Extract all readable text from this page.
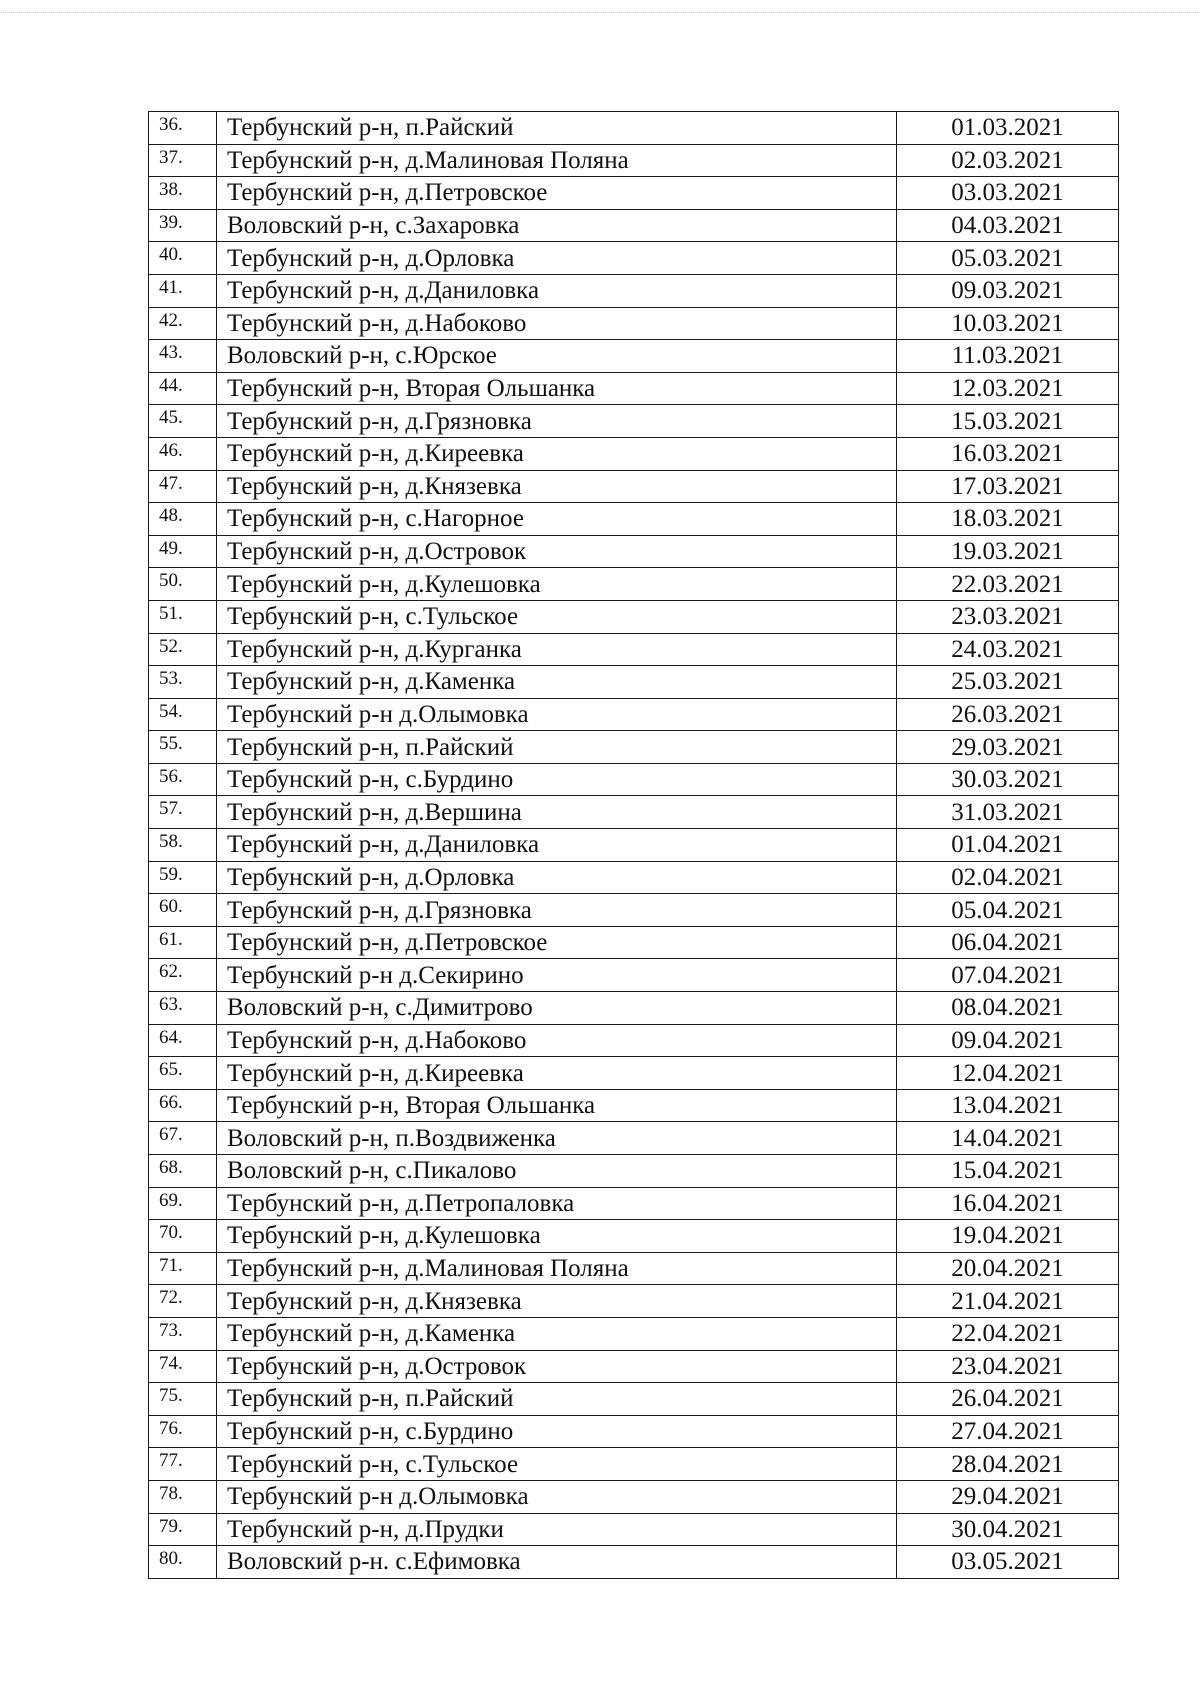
36.	Тербунский р-н, п.Райский	01.03.2021
37.	Тербунский р-н, д.Малиновая Поляна	02.03.2021
38.	Тербунский р-н, д.Петровское	03.03.2021
39.	Воловский р-н, с.Захаровка	04.03.2021
40.	Тербунский р-н, д.Орловка	05.03.2021
41.	Тербунский р-н, д.Даниловка	09.03.2021
42.	Тербунский р-н, д.Набоково	10.03.2021
43.	Воловский р-н, с.Юрское	11.03.2021
44.	Тербунский р-н, Вторая Ольшанка	12.03.2021
45.	Тербунский р-н, д.Грязновка	15.03.2021
46.	Тербунский р-н, д.Киреевка	16.03.2021
47.	Тербунский р-н, д.Князевка	17.03.2021
48.	Тербунский р-н, с.Нагорное	18.03.2021
49.	Тербунский р-н, д.Островок	19.03.2021
50.	Тербунский р-н, д.Кулешовка	22.03.2021
51.	Тербунский р-н, с.Тульское	23.03.2021
52.	Тербунский р-н, д.Курганка	24.03.2021
53.	Тербунский р-н, д.Каменка	25.03.2021
54.	Тербунский р-н д.Олымовка	26.03.2021
55.	Тербунский р-н, п.Райский	29.03.2021
56.	Тербунский р-н, с.Бурдино	30.03.2021
57.	Тербунский р-н, д.Вершина	31.03.2021
58.	Тербунский р-н, д.Даниловка	01.04.2021
59.	Тербунский р-н, д.Орловка	02.04.2021
60.	Тербунский р-н, д.Грязновка	05.04.2021
61.	Тербунский р-н, д.Петровское	06.04.2021
62.	Тербунский р-н д.Секирино	07.04.2021
63.	Воловский р-н, с.Димитрово	08.04.2021
64.	Тербунский р-н, д.Набоково	09.04.2021
65.	Тербунский р-н, д.Киреевка	12.04.2021
66.	Тербунский р-н, Вторая Ольшанка	13.04.2021
67.	Воловский р-н, п.Воздвиженка	14.04.2021
68.	Воловский р-н, с.Пикалово	15.04.2021
69.	Тербунский р-н, д.Петропаловка	16.04.2021
70.	Тербунский р-н, д.Кулешовка	19.04.2021
71.	Тербунский р-н, д.Малиновая Поляна	20.04.2021
72.	Тербунский р-н, д.Князевка	21.04.2021
73.	Тербунский р-н, д.Каменка	22.04.2021
74.	Тербунский р-н, д.Островок	23.04.2021
75.	Тербунский р-н, п.Райский	26.04.2021
76.	Тербунский р-н, с.Бурдино	27.04.2021
77.	Тербунский р-н, с.Тульское	28.04.2021
78.	Тербунский р-н д.Олымовка	29.04.2021
79.	Тербунский р-н, д.Прудки	30.04.2021
80.	Воловский р-н. с.Ефимовка	03.05.2021
